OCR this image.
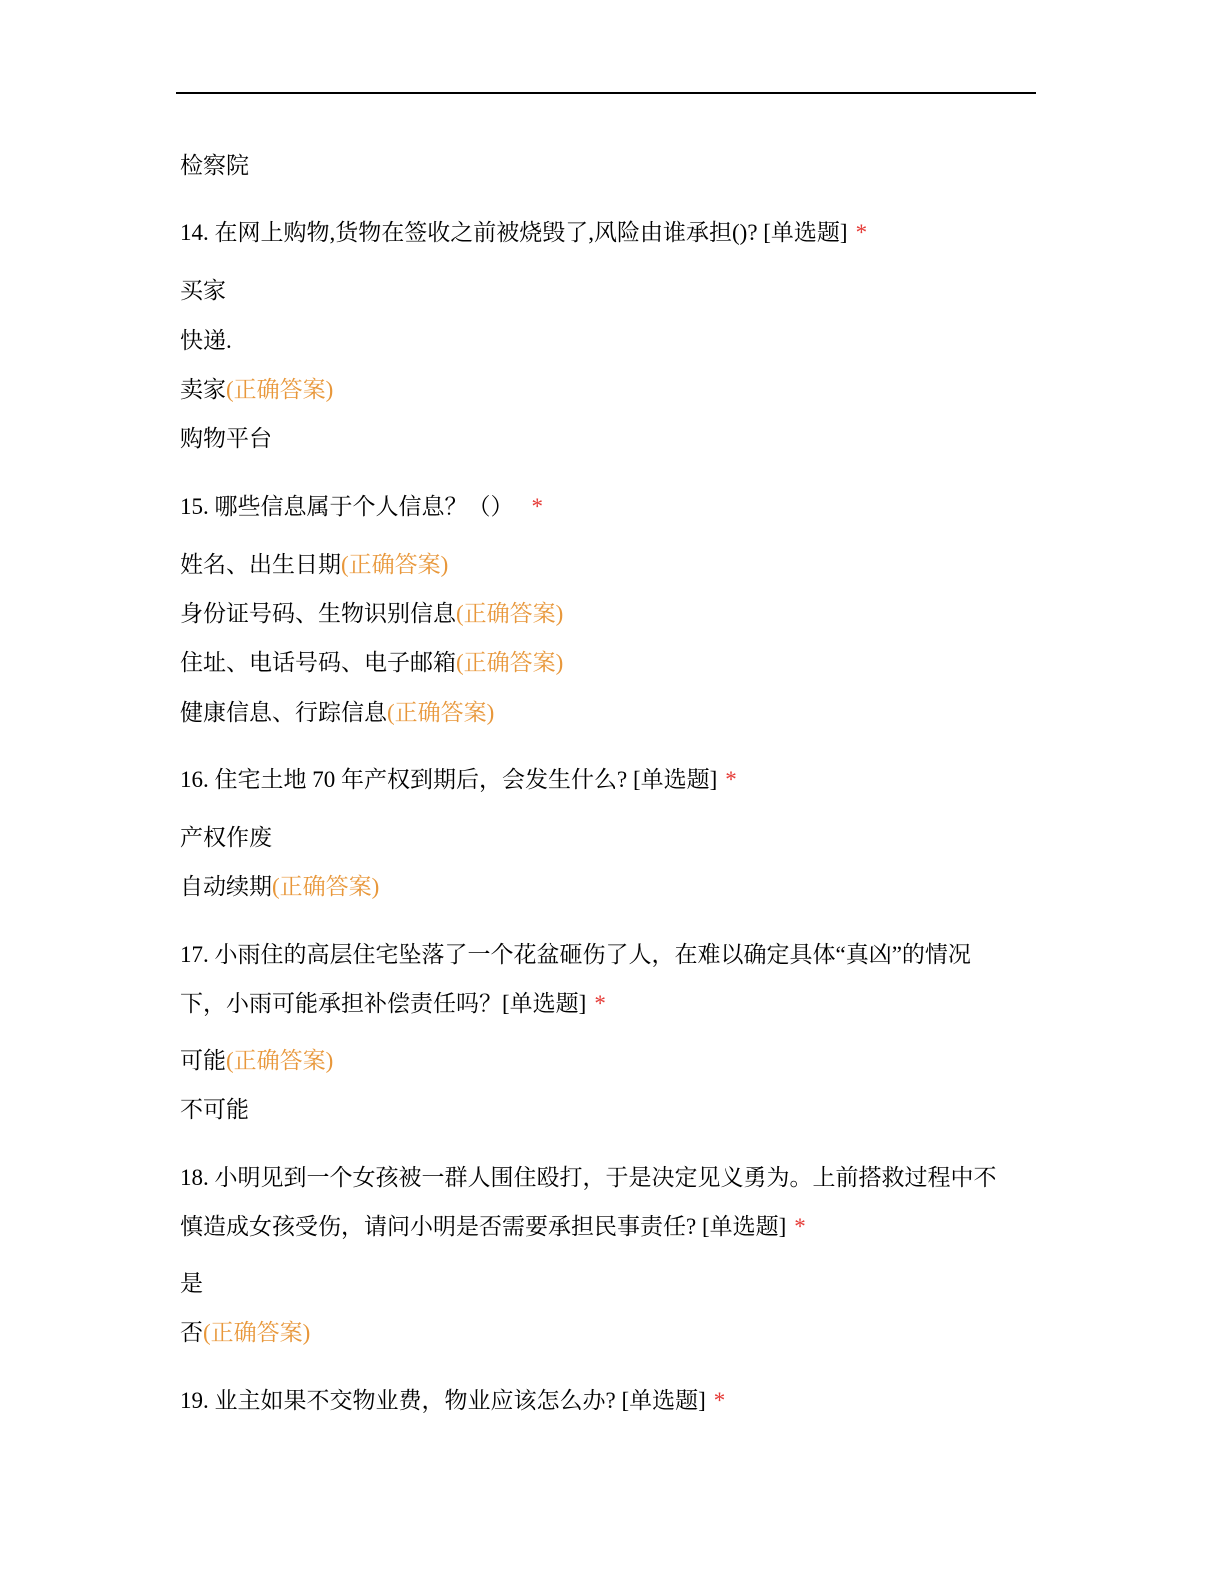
检察院
14. 在网上购物,货物在签收之前被烧毁了,风险由谁承担()? [单选题] *
买家
快递.
卖家(正确答案)
购物平台
15. 哪些信息属于个人信息？（） *
姓名、出生日期(正确答案)
身份证号码、生物识别信息(正确答案)
住址、电话号码、电子邮箱(正确答案)
健康信息、行踪信息(正确答案)
16. 住宅土地 70 年产权到期后，会发生什么? [单选题] *
产权作废
自动续期(正确答案)
17. 小雨住的高层住宅坠落了一个花盆砸伤了人，在难以确定具体“真凶”的情况
下，小雨可能承担补偿责任吗？[单选题] *
可能(正确答案)
不可能
18. 小明见到一个女孩被一群人围住殴打，于是决定见义勇为。上前搭救过程中不
慎造成女孩受伤，请问小明是否需要承担民事责任? [单选题] *
是
否(正确答案)
19. 业主如果不交物业费，物业应该怎么办? [单选题] *
